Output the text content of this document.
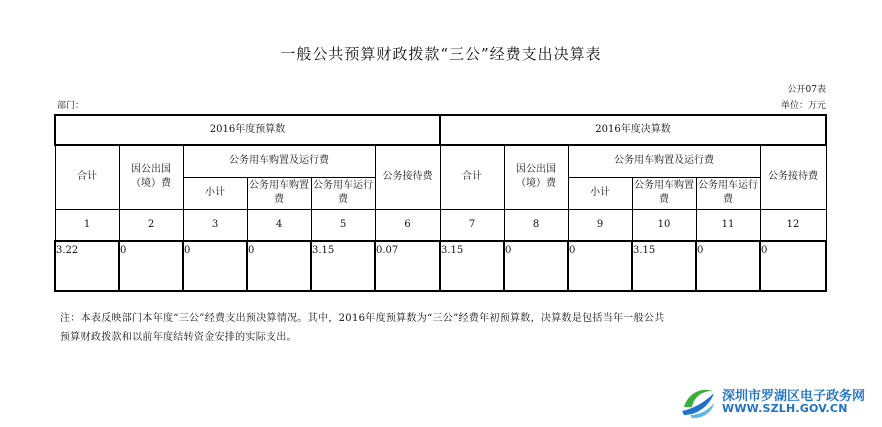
一般公共预算财政拨款“三公”经费支出决算表
公开07表
部门：	单位：万元
2016年度预算数						2016年度决算数					
合计	因公出国（境）费	公务用车购置及运行费			公务接待费	合计	因公出国（境）费	公务用车购置及运行费			公务接待费
		小计	公务用车购置费	公务用车运行费				小计	公务用车购置费	公务用车运行费	
1	2	3	4	5	6	7	8	9	10	11	12
3.22	0	0	0	3.15	0.07	3.15	0	0	3.15	0	0
注：本表反映部门本年度“三公”经费支出预决算情况。其中，2016年度预算数为“三公”经费年初预算数，决算数是包括当年一般公共
预算财政拨款和以前年度结转资金安排的实际支出。
深圳市罗湖区电子政务网
WWW.SZLH.GOV.CN
